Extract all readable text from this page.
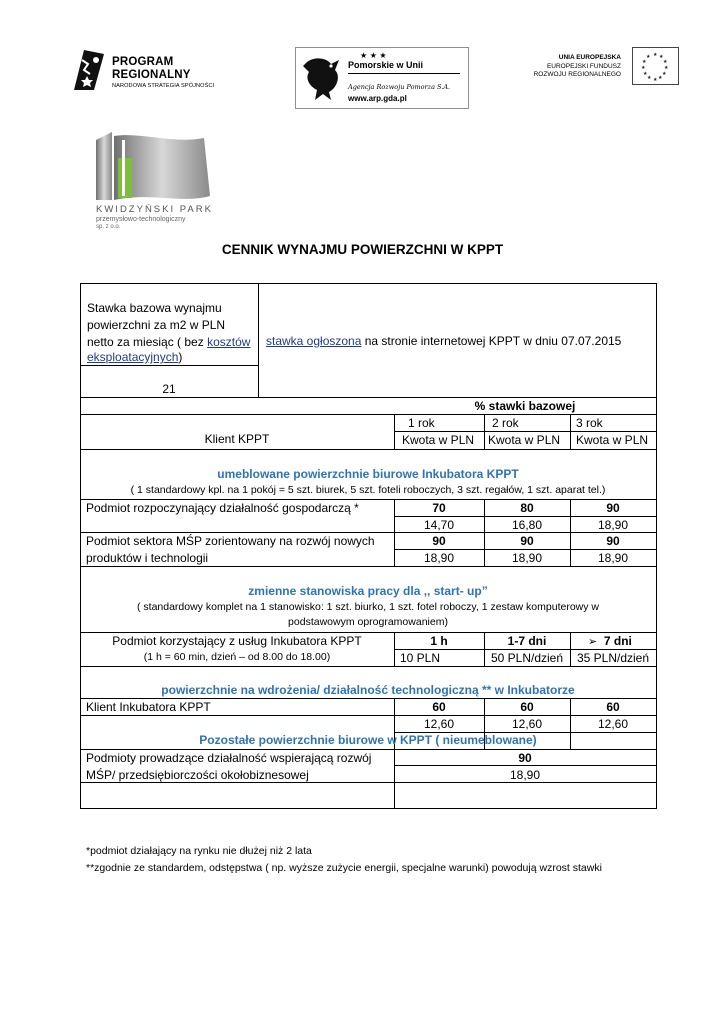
PROGRAM
REGIONALNY
NARODOWA STRATEGIA SPÓJNOŚCI
★ ★ ★
Pomorskie w Unii
Agencja Rozwoju Pomorza S.A.
www.arp.gda.pl
UNIA EUROPEJSKA
EUROPEJSKI FUNDUSZ
ROZWOJU REGIONALNEGO
★ ★
★
★
★
★
★
★
★
★
★
★
KWIDZYŃSKI PARK
przemysłowo-technologiczny
sp. z o.o.
CENNIK WYNAJMU POWIERZCHNI W KPPT
Stawka bazowa wynajmu
powierzchni za m2 w PLN
netto za miesiąc ( bez kosztów
eksploatacyjnych)
21
stawka ogłoszona na stronie internetowej KPPT w dniu 07.07.2015
% stawki bazowej
1 rok	2 rok	3 rok
Klient KPPT	Kwota w PLN Kwota w PLN Kwota w PLN
umeblowane powierzchnie biurowe Inkubatora KPPT
( 1 standardowy kpl. na 1 pokój = 5 szt. biurek, 5 szt. foteli roboczych, 3 szt. regałów, 1 szt. aparat tel.)
Podmiot rozpoczynający działalność gospodarczą *	70	80	90
14,70	16,80	18,90
Podmiot sektora MŚP zorientowany na rozwój nowych
produktów i technologii
90	90	90
18,90	18,90	18,90
zmienne stanowiska pracy dla ,, start- up”
( standardowy komplet na 1 stanowisko: 1 szt. biurko, 1 szt. fotel roboczy, 1 zestaw komputerowy w
podstawowym oprogramowaniem)
Podmiot korzystający z usług Inkubatora KPPT
(1 h = 60 min, dzień – od 8.00 do 18.00)
1 h	1-7 dni	➢ 7 dni
10 PLN	50 PLN/dzień	35 PLN/dzień
powierzchnie na wdrożenia/ działalność technologiczną ** w Inkubatorze
Klient Inkubatora KPPT	60	60	60
12,60	12,60	12,60
Pozostałe powierzchnie biurowe w KPPT ( nieumeblowane)
Podmioty prowadzące działalność wspierającą rozwój
MŚP/ przedsiębiorczości okołobiznesowej
90
18,90
*podmiot działający na rynku nie dłużej niż 2 lata
**zgodnie ze standardem, odstępstwa ( np. wyższe zużycie energii, specjalne warunki) powodują wzrost stawki
